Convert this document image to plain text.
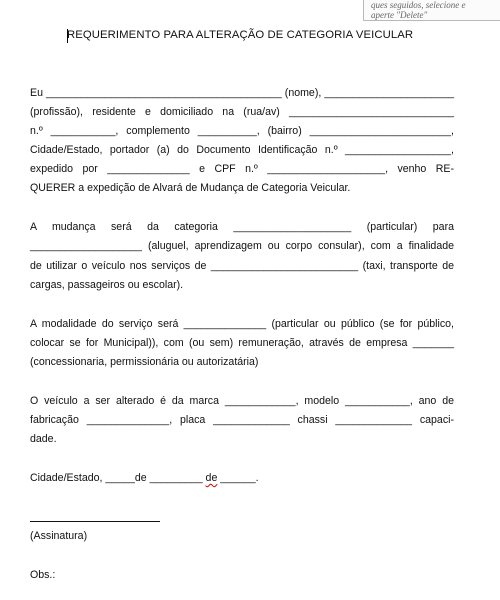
ques seguidos, selecione e
aperte "Delete"
REQUERIMENTO PARA ALTERAÇÃO DE CATEGORIA VEICULAR
Eu ________________________________________ (nome), ______________________
(profissão), residente e domiciliado na (rua/av) ____________________________
n.º ___________, complemento __________, (bairro) ________________________,
Cidade/Estado, portador (a) do Documento Identificação n.º __________________,
expedido por ______________ e CPF n.º ____________________, venho RE-
QUERER a expedição de Alvará de Mudança de Categoria Veicular.
A mudança será da categoria ____________________ (particular) para
___________________ (aluguel, aprendizagem ou corpo consular), com a finalidade
de utilizar o veículo nos serviços de _________________________ (taxi, transporte de
cargas, passageiros ou escolar).
A modalidade do serviço será ______________ (particular ou público (se for público,
colocar se for Municipal)), com (ou sem) remuneração, através de empresa _______
(concessionaria, permissionária ou autorizatária)
O veículo a ser alterado é da marca ____________, modelo ___________, ano de
fabricação ______________, placa _____________ chassi _____________ capaci-
dade.
Cidade/Estado, _____de _________ de ______.
(Assinatura)
Obs.:
